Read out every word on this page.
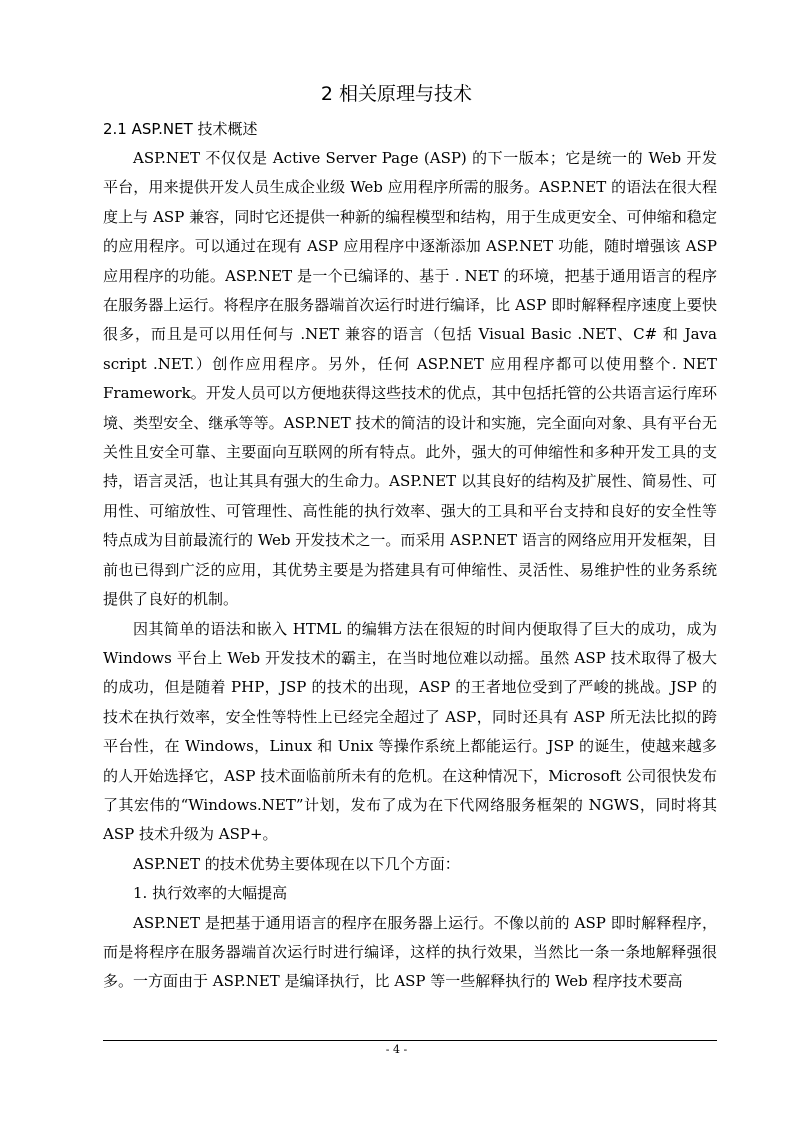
2 相关原理与技术
2.1 ASP.NET 技术概述

ASP.NET 不仅仅是 Active Server Page (ASP) 的下一版本；它是统一的 Web 开发平台，用来提供开发人员生成企业级 Web 应用程序所需的服务。ASP.NET 的语法在很大程度上与 ASP 兼容，同时它还提供一种新的编程模型和结构，用于生成更安全、可伸缩和稳定的应用程序。可以通过在现有 ASP 应用程序中逐渐添加 ASP.NET 功能，随时增强该 ASP 应用程序的功能。ASP.NET 是一个已编译的、基于 . NET 的环境，把基于通用语言的程序在服务器上运行。将程序在服务器端首次运行时进行编译，比 ASP 即时解释程序速度上要快很多，而且是可以用任何与 .NET 兼容的语言（包括 Visual Basic .NET、C# 和 Java script .NET.）创作应用程序。另外，任何 ASP.NET 应用程序都可以使用整个. NET Framework。开发人员可以方便地获得这些技术的优点，其中包括托管的公共语言运行库环境、类型安全、继承等等。ASP.NET 技术的简洁的设计和实施，完全面向对象、具有平台无关性且安全可靠、主要面向互联网的所有特点。此外，强大的可伸缩性和多种开发工具的支持，语言灵活，也让其具有强大的生命力。ASP.NET 以其良好的结构及扩展性、简易性、可用性、可缩放性、可管理性、高性能的执行效率、强大的工具和平台支持和良好的安全性等特点成为目前最流行的 Web 开发技术之一。而采用 ASP.NET 语言的网络应用开发框架，目前也已得到广泛的应用，其优势主要是为搭建具有可伸缩性、灵活性、易维护性的业务系统提供了良好的机制。

因其简单的语法和嵌入 HTML 的编辑方法在很短的时间内便取得了巨大的成功，成为 Windows 平台上 Web 开发技术的霸主，在当时地位难以动摇。虽然 ASP 技术取得了极大的成功，但是随着 PHP，JSP 的技术的出现，ASP 的王者地位受到了严峻的挑战。JSP 的技术在执行效率，安全性等特性上已经完全超过了 ASP，同时还具有 ASP 所无法比拟的跨平台性，在 Windows，Linux 和 Unix 等操作系统上都能运行。JSP 的诞生，使越来越多的人开始选择它，ASP 技术面临前所未有的危机。在这种情况下，Microsoft 公司很快发布了其宏伟的“Windows.NET”计划，发布了成为在下代网络服务框架的 NGWS，同时将其 ASP 技术升级为 ASP+。

ASP.NET 的技术优势主要体现在以下几个方面：

1. 执行效率的大幅提高

ASP.NET 是把基于通用语言的程序在服务器上运行。不像以前的 ASP 即时解释程序，而是将程序在服务器端首次运行时进行编译，这样的执行效果，当然比一条一条地解释强很多。一方面由于 ASP.NET 是编译执行，比 ASP 等一些解释执行的 Web 程序技术要高

- 4 -
